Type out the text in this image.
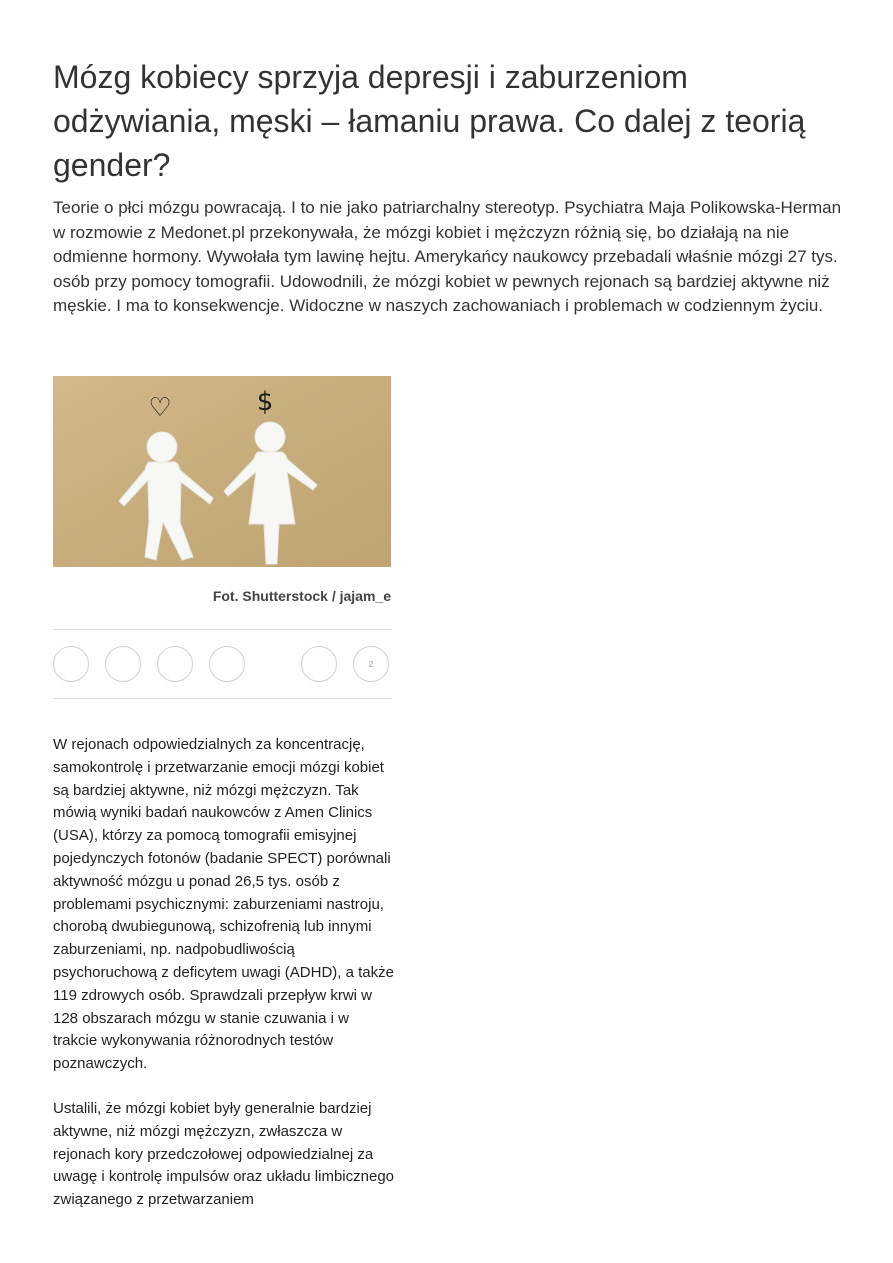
Mózg kobiecy sprzyja depresji i zaburzeniom odżywiania, męski – łamaniu prawa. Co dalej z teorią gender?

Teorie o płci mózgu powracają. I to nie jako patriarchalny stereotyp. Psychiatra Maja Polikowska-Herman w rozmowie z Medonet.pl przekonywała, że mózgi kobiet i mężczyzn różnią się, bo działają na nie odmienne hormony. Wywołała tym lawinę hejtu. Amerykańcy naukowcy przebadali właśnie mózgi 27 tys. osób przy pomocy tomografii. Udowodnili, że mózgi kobiet w pewnych rejonach są bardziej aktywne niż męskie. I ma to konsekwencje. Widoczne w naszych zachowaniach i problemach w codziennym życiu.

♡	$

Fot. Shutterstock / jajam_e

2

W rejonach odpowiedzialnych za koncentrację, samokontrolę i przetwarzanie emocji mózgi kobiet są bardziej aktywne, niż mózgi mężczyzn. Tak mówią wyniki badań naukowców z Amen Clinics (USA), którzy za pomocą tomografii emisyjnej pojedynczych fotonów (badanie SPECT) porównali aktywność mózgu u ponad 26,5 tys. osób z problemami psychicznymi: zaburzeniami nastroju, chorobą dwubiegunową, schizofrenią lub innymi zaburzeniami, np. nadpobudliwością psychoruchową z deficytem uwagi (ADHD), a także 119 zdrowych osób. Sprawdzali przepływ krwi w 128 obszarach mózgu w stanie czuwania i w trakcie wykonywania różnorodnych testów poznawczych.

Ustalili, że mózgi kobiet były generalnie bardziej aktywne, niż mózgi mężczyzn, zwłaszcza w rejonach kory przedczołowej odpowiedzialnej za uwagę i kontrolę impulsów oraz układu limbicznego związanego z przetwarzaniem
